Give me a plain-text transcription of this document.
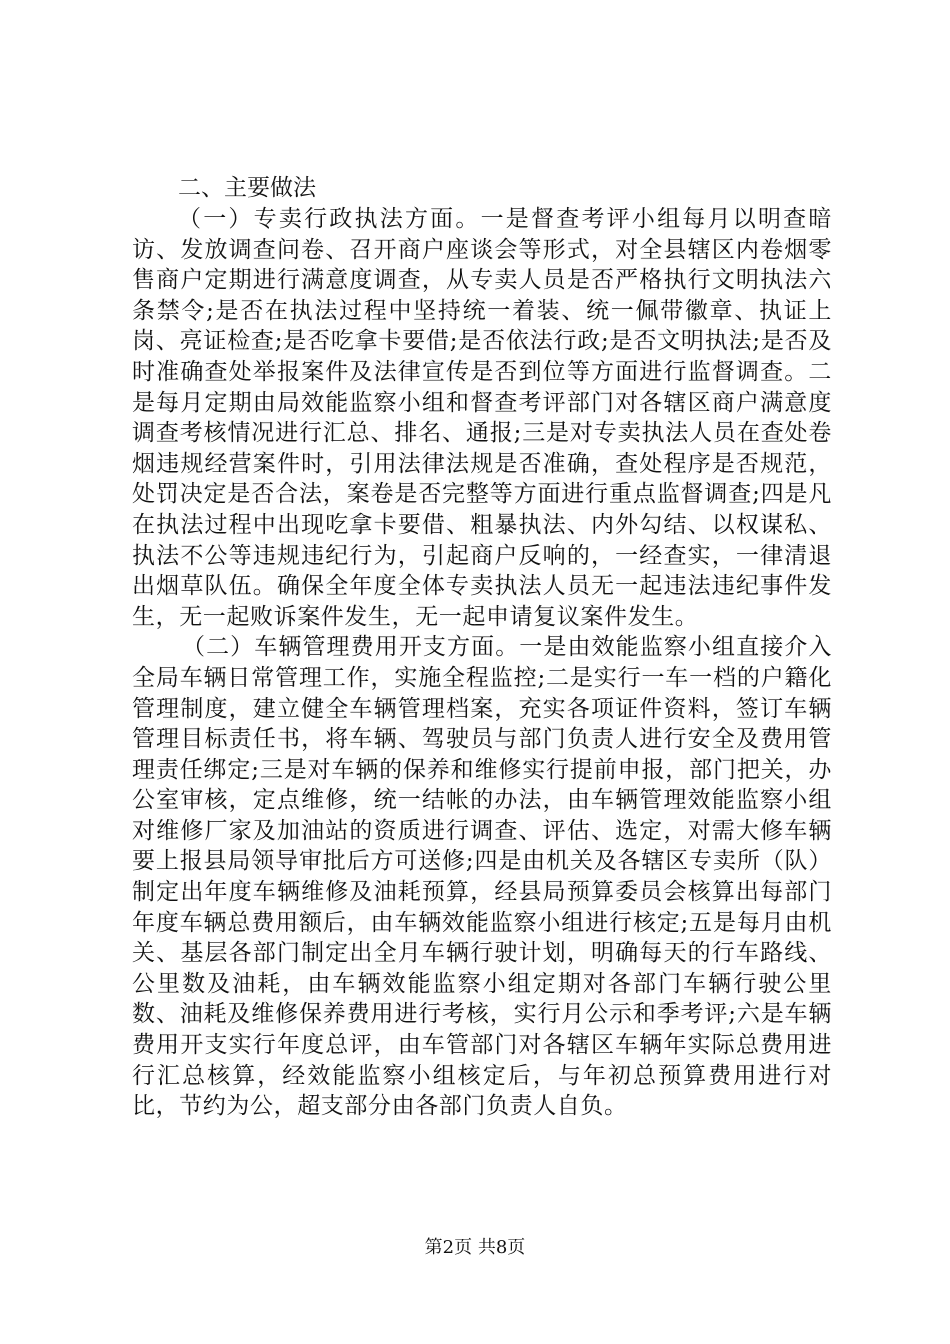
二、主要做法

（一）专卖行政执法方面。一是督查考评小组每月以明查暗访、发放调查问卷、召开商户座谈会等形式，对全县辖区内卷烟零售商户定期进行满意度调查，从专卖人员是否严格执行文明执法六条禁令;是否在执法过程中坚持统一着装、统一佩带徽章、执证上岗、亮证检查;是否吃拿卡要借;是否依法行政;是否文明执法;是否及时准确查处举报案件及法律宣传是否到位等方面进行监督调查。二是每月定期由局效能监察小组和督查考评部门对各辖区商户满意度调查考核情况进行汇总、排名、通报;三是对专卖执法人员在查处卷烟违规经营案件时，引用法律法规是否准确，查处程序是否规范，处罚决定是否合法，案卷是否完整等方面进行重点监督调查;四是凡在执法过程中出现吃拿卡要借、粗暴执法、内外勾结、以权谋私、执法不公等违规违纪行为，引起商户反响的，一经查实，一律清退出烟草队伍。确保全年度全体专卖执法人员无一起违法违纪事件发生，无一起败诉案件发生，无一起申请复议案件发生。

（二）车辆管理费用开支方面。一是由效能监察小组直接介入全局车辆日常管理工作，实施全程监控;二是实行一车一档的户籍化管理制度，建立健全车辆管理档案，充实各项证件资料，签订车辆管理目标责任书，将车辆、驾驶员与部门负责人进行安全及费用管理责任绑定;三是对车辆的保养和维修实行提前申报，部门把关，办公室审核，定点维修，统一结帐的办法，由车辆管理效能监察小组对维修厂家及加油站的资质进行调查、评估、选定，对需大修车辆要上报县局领导审批后方可送修;四是由机关及各辖区专卖所（队）制定出年度车辆维修及油耗预算，经县局预算委员会核算出每部门年度车辆总费用额后，由车辆效能监察小组进行核定;五是每月由机关、基层各部门制定出全月车辆行驶计划，明确每天的行车路线、公里数及油耗，由车辆效能监察小组定期对各部门车辆行驶公里数、油耗及维修保养费用进行考核，实行月公示和季考评;六是车辆费用开支实行年度总评，由车管部门对各辖区车辆年实际总费用进行汇总核算，经效能监察小组核定后，与年初总预算费用进行对比，节约为公，超支部分由各部门负责人自负。

第2页 共8页
